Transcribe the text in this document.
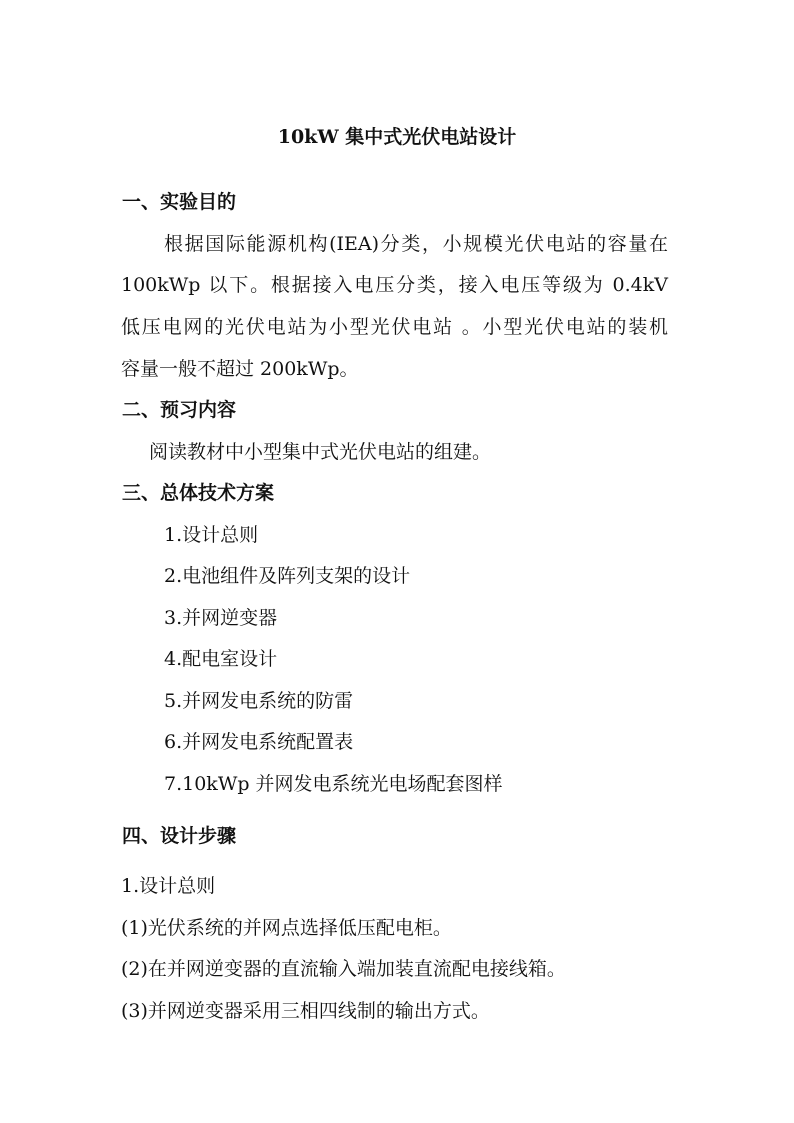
10kW 集中式光伏电站设计
一、实验目的
根据国际能源机构(IEA)分类，小规模光伏电站的容量在
100kWp 以下。根据接入电压分类，接入电压等级为 0.4kV
低压电网的光伏电站为小型光伏电站 。小型光伏电站的装机
容量一般不超过 200kWp。
二、预习内容
阅读教材中小型集中式光伏电站的组建。
三、总体技术方案
1.设计总则
2.电池组件及阵列支架的设计
3.并网逆变器
4.配电室设计
5.并网发电系统的防雷
6.并网发电系统配置表
7.10kWp 并网发电系统光电场配套图样
四、设计步骤
1.设计总则
(1)光伏系统的并网点选择低压配电柜。
(2)在并网逆变器的直流输入端加装直流配电接线箱。
(3)并网逆变器采用三相四线制的输出方式。
